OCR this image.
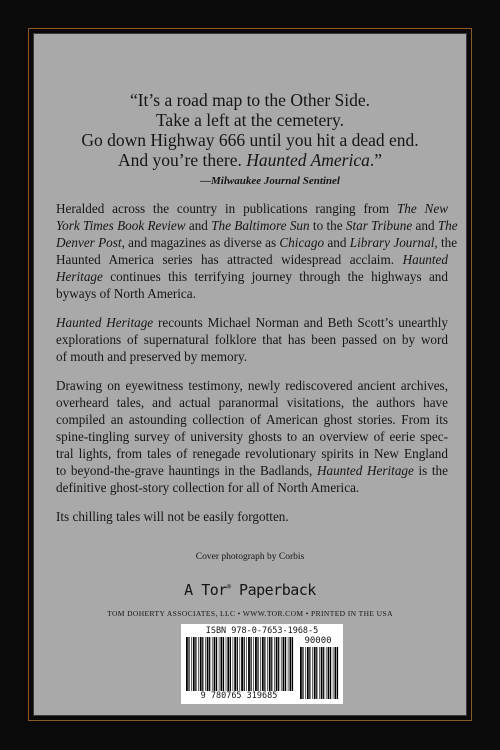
“It’s a road map to the Other Side.
Take a left at the cemetery.
Go down Highway 666 until you hit a dead end.
And you’re there. Haunted America.”
—Milwaukee Journal Sentinel

Heralded across the country in publications ranging from The New
York Times Book Review and The Baltimore Sun to the Star Tribune and The
Denver Post, and magazines as diverse as Chicago and Library Journal, the
Haunted America series has attracted widespread acclaim. Haunted
Heritage continues this terrifying journey through the highways and
byways of North America.

Haunted Heritage recounts Michael Norman and Beth Scott’s unearthly
explorations of supernatural folklore that has been passed on by word
of mouth and preserved by memory.

Drawing on eyewitness testimony, newly rediscovered ancient archives,
overheard tales, and actual paranormal visitations, the authors have
compiled an astounding collection of American ghost stories. From its
spine-tingling survey of university ghosts to an overview of eerie spec-
tral lights, from tales of renegade revolutionary spirits in New England
to beyond-the-grave hauntings in the Badlands, Haunted Heritage is the
definitive ghost-story collection for all of North America.

Its chilling tales will not be easily forgotten.

Cover photograph by Corbis
A Tor® Paperback
TOM DOHERTY ASSOCIATES, LLC • WWW.TOR.COM • PRINTED IN THE USA
ISBN 978-0-7653-1968-5
90000
9 780765 319685
